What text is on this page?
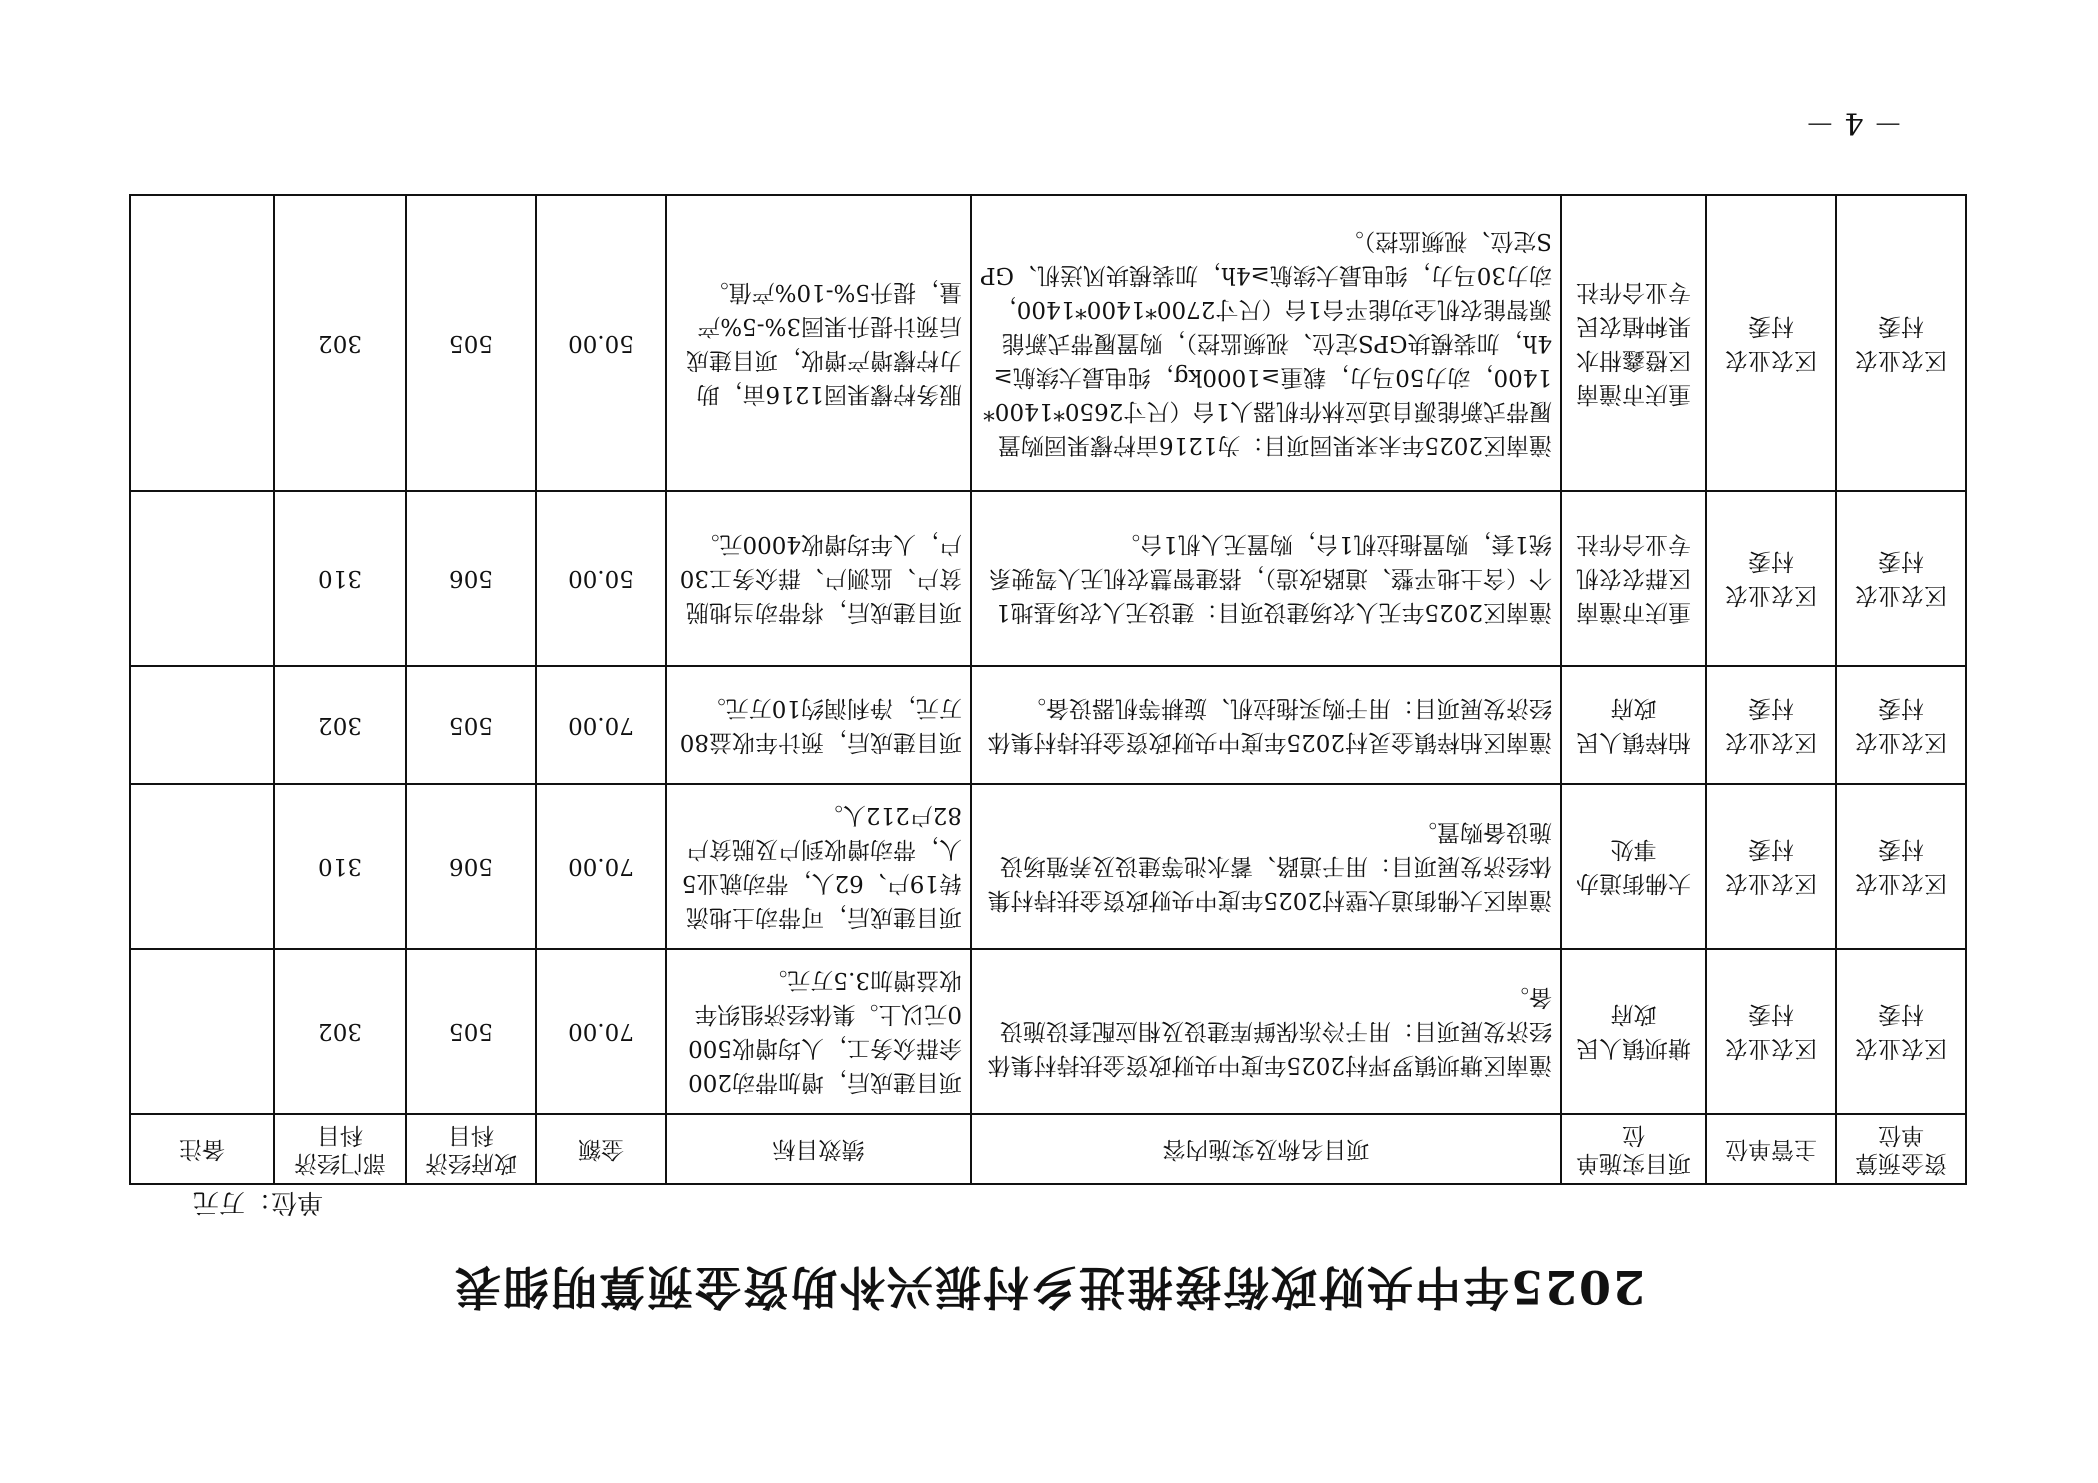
2025年中央财政衔接推进乡村振兴补助资金预算明细表
单位：万元
资金预算单位	主管单位	项目实施单位	项目名称及实施内容	绩效目标	金额	政府经济科目	部门经济科目	备注
区农业农村委	区农业农村委	塘坝镇人民政府	潼南区塘坝镇罗坪村2025年度中央财政资金扶持村集体经济发展项目：用于冷冻保鲜库建设及相应配套设施设备。	项目建成后，增加带动200余群众务工，人均增收5000元以上。集体经济组织年收益增加3.5万元。	70.00	505	302	
区农业农村委	区农业农村委	大佛街道办事处	潼南区大佛街道大壁村2025年度中央财政资金扶持村集体经济发展项目：用于道路、蓄水池等建设及养殖场设施设备购置。	项目建成后，可带动土地流转19户、62人，带动就业5人，带动增收到户及脱贫户82户212人。	70.00	506	310	
区农业农村委	区农业农村委	柏梓镇人民政府	潼南区柏梓镇金灵村2025年度中央财政资金扶持村集体经济发展项目：用于购买拖拉机、旋耕等机器设备。	项目建成后，预计年收益80万元，净利润约10万元。	70.00	505	302	
区农业农村委	区农业农村委	重庆市潼南区群农农机专业合作社	潼南区2025年无人农场建设项目：建设无人农场基地1个（含土地平整、道路改造），搭建智慧农机无人驾驶系统1套，购置拖拉机1台，购置无人机1台。	项目建成后，将带动当地脱贫户、监测户、群众务工30户，人年均增收4000元。	50.00	506	310	
区农业农村委	区农业农村委	重庆市潼南区橙鑫柑水果种植农民专业合作社	潼南区2025年未来果园项目：为1216亩柠檬果园购置履带式新能源自适应林作机器人1台（尺寸2650*1400*1400，动力50马力，载重≥1000kg，纯电最大续航≥4h，加装模块GPS定位、视频监控），购置履带式新能源智能农机全功能平台1台（尺寸2700*1400*1400，动力30马力，纯电最大续航≥4h，加装模块风送机、GPS定位、视频监控）。	服务柠檬果园1216亩，助力柠檬增产增收，项目建成后预计提升果园3%-5%产量，提升5%-10%产值。	50.00	505	302	
－ 4 －
